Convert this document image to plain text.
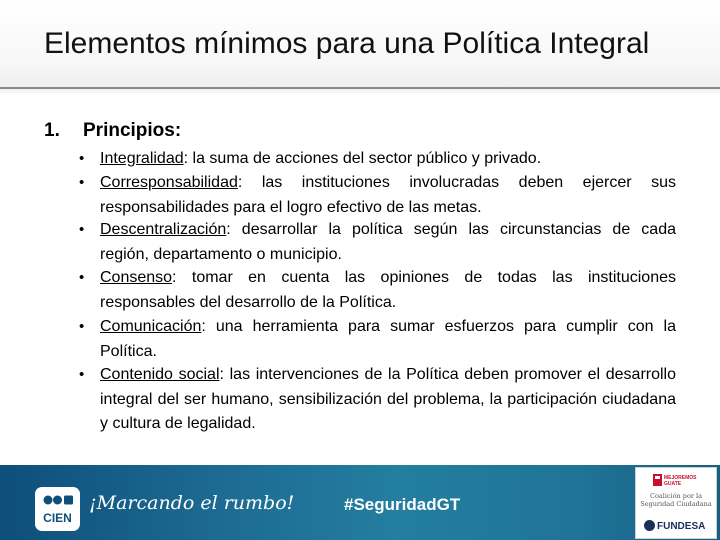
Elementos mínimos para una Política Integral
1. Principios:
• Integralidad: la suma de acciones del sector público y privado.
• Corresponsabilidad: las instituciones involucradas deben ejercer sus responsabilidades para el logro efectivo de las metas.
• Descentralización: desarrollar la política según las circunstancias de cada región, departamento o municipio.
• Consenso: tomar en cuenta las opiniones de todas las instituciones responsables del desarrollo de la Política.
• Comunicación: una herramienta para sumar esfuerzos para cumplir con la Política.
• Contenido social: las intervenciones de la Política deben promover el desarrollo integral del ser humano, sensibilización del problema, la participación ciudadana y cultura de legalidad.
CIEN
¡Marcando el rumbo!	#SeguridadGT
MEJOREMOS
GUATE
Coalición por la Seguridad Ciudadana
FUNDESA
